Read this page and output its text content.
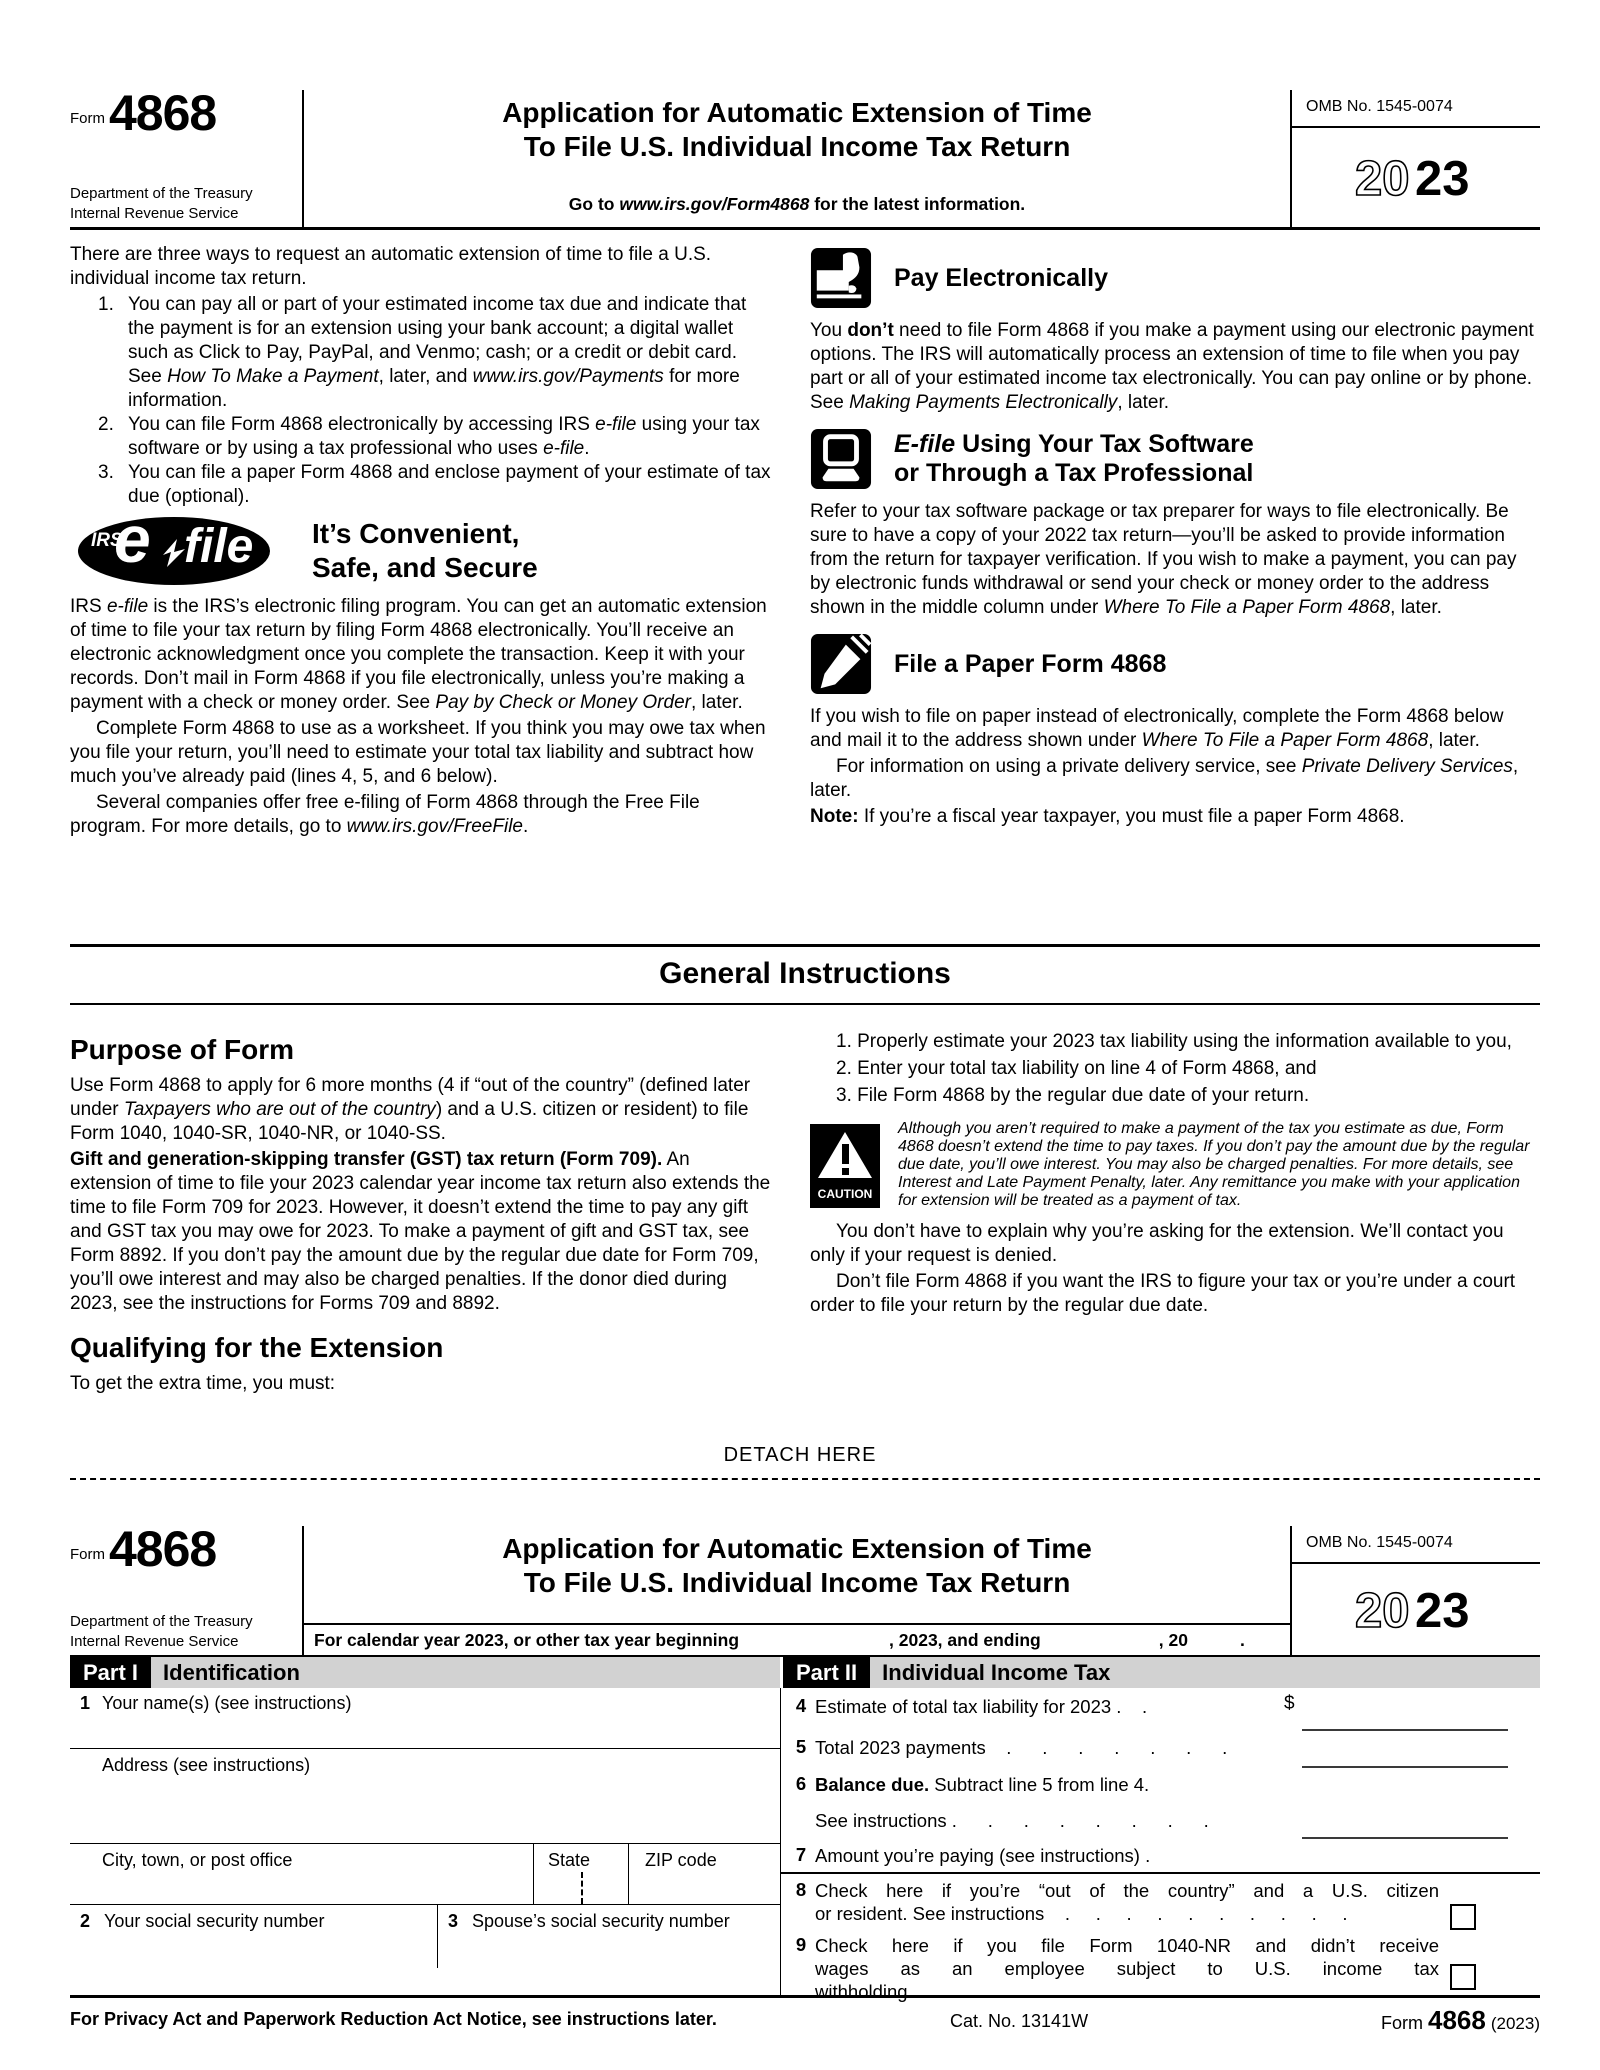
Form 4868
Department of the Treasury
Internal Revenue Service
Application for Automatic Extension of Time
To File U.S. Individual Income Tax Return
Go to www.irs.gov/Form4868 for the latest information.
OMB No. 1545-0074
20 23

There are three ways to request an automatic extension of time to file a U.S. individual income tax return.

1. You can pay all or part of your estimated income tax due and indicate that the payment is for an extension using your bank account; a digital wallet such as Click to Pay, PayPal, and Venmo; cash; or a credit or debit card. See How To Make a Payment, later, and www.irs.gov/Payments for more information.
2. You can file Form 4868 electronically by accessing IRS e-file using your tax software or by using a tax professional who uses e-file.
3. You can file a paper Form 4868 and enclose payment of your estimate of tax due (optional).
IRS
e file It’s Convenient,
Safe, and Secure

IRS e-file is the IRS’s electronic filing program. You can get an automatic extension of time to file your tax return by filing Form 4868 electronically. You’ll receive an electronic acknowledgment once you complete the transaction. Keep it with your records. Don’t mail in Form 4868 if you file electronically, unless you’re making a payment with a check or money order. See Pay by Check or Money Order, later.

Complete Form 4868 to use as a worksheet. If you think you may owe tax when you file your return, you’ll need to estimate your total tax liability and subtract how much you’ve already paid (lines 4, 5, and 6 below).

Several companies offer free e-filing of Form 4868 through the Free File program. For more details, go to www.irs.gov/FreeFile.

Pay Electronically

You don’t need to file Form 4868 if you make a payment using our electronic payment options. The IRS will automatically process an extension of time to file when you pay part or all of your estimated income tax electronically. You can pay online or by phone. See Making Payments Electronically, later.

E-file Using Your Tax Software
or Through a Tax Professional

Refer to your tax software package or tax preparer for ways to file electronically. Be sure to have a copy of your 2022 tax return—you’ll be asked to provide information from the return for taxpayer verification. If you wish to make a payment, you can pay by electronic funds withdrawal or send your check or money order to the address shown in the middle column under Where To File a Paper Form 4868, later.

File a Paper Form 4868

If you wish to file on paper instead of electronically, complete the Form 4868 below and mail it to the address shown under Where To File a Paper Form 4868, later.

For information on using a private delivery service, see Private Delivery Services, later.

Note: If you’re a fiscal year taxpayer, you must file a paper Form 4868.

General Instructions
Purpose of Form

Use Form 4868 to apply for 6 more months (4 if “out of the country” (defined later under Taxpayers who are out of the country) and a U.S. citizen or resident) to file Form 1040, 1040-SR, 1040-NR, or 1040-SS.

Gift and generation-skipping transfer (GST) tax return (Form 709). An extension of time to file your 2023 calendar year income tax return also extends the time to file Form 709 for 2023. However, it doesn’t extend the time to pay any gift and GST tax you may owe for 2023. To make a payment of gift and GST tax, see Form 8892. If you don’t pay the amount due by the regular due date for Form 709, you’ll owe interest and may also be charged penalties. If the donor died during 2023, see the instructions for Forms 709 and 8892.

Qualifying for the Extension

To get the extra time, you must:

1. Properly estimate your 2023 tax liability using the information available to you,

2. Enter your total tax liability on line 4 of Form 4868, and

3. File Form 4868 by the regular due date of your return.

CAUTION
Although you aren’t required to make a payment of the tax you estimate as due, Form 4868 doesn’t extend the time to pay taxes. If you don’t pay the amount due by the regular due date, you’ll owe interest. You may also be charged penalties. For more details, see Interest and Late Payment Penalty, later. Any remittance you make with your application for extension will be treated as a payment of tax.

You don’t have to explain why you’re asking for the extension. We’ll contact you only if your request is denied.

Don’t file Form 4868 if you want the IRS to figure your tax or you’re under a court order to file your return by the regular due date.

DETACH HERE
Form 4868
Department of the Treasury
Internal Revenue Service
Application for Automatic Extension of Time
To File U.S. Individual Income Tax Return
For calendar year 2023, or other tax year beginning	, 2023, and ending	, 20	.
OMB No. 1545-0074
20 23
Part I	Identification	Part II	Individual Income Tax
1 Your name(s) (see instructions)
Address (see instructions)
City, town, or post office	State	ZIP code
2 Your social security number	3 Spouse’s social security number
4 Estimate of total tax liability for 2023 .    .	$
5 Total 2023 payments    .      .      .      .      .      .      .
6 Balance due. Subtract line 5 from line 4.
See instructions .      .      .      .      .      .      .      .
7 Amount you’re paying (see instructions) .
8 Check here if you’re “out of the country” and a U.S. citizen
or resident. See instructions    .     .     .     .     .     .     .     .     .     .
9 Check here if you file Form 1040-NR and didn’t receive
wages as an employee subject to U.S. income tax
withholding   .     .     .     .     .     .     .     .     .     .     .     .     .     .
For Privacy Act and Paperwork Reduction Act Notice, see instructions later.	Cat. No. 13141W	Form 4868 (2023)
